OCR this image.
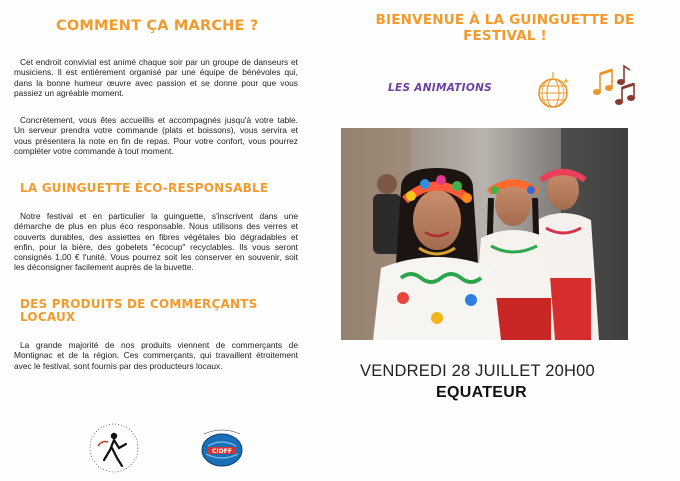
COMMENT ÇA MARCHE ?

Cet endroit convivial est animé chaque soir par un groupe de danseurs et musiciens. Il est entièrement organisé par une équipe de bénévoles qui, dans la bonne humeur œuvre avec passion et se donne pour que vous passiez un agréable moment.

Concrètement, vous êtes accueillis et accompagnés jusqu'à votre table. Un serveur prendra votre commande (plats et boissons), vous servira et vous présentera la note en fin de repas. Pour votre confort, vous pourrez compléter votre commande à tout moment.

LA GUINGUETTE ÉCO-RESPONSABLE

Notre festival et en particulier la guinguette, s'inscrivent dans une démarche de plus en plus éco responsable. Nous utilisons des verres et couverts durables, des assiettes en fibres végétales bio dégradables et enfin, pour la bière, des gobelets "écocup" recyclables. Ils vous seront consignés 1,00 € l'unité. Vous pourrez soit les conserver en souvenir, soit les déconsigner facilement auprès de la buvette.

DES PRODUITS DE COMMERÇANTS LOCAUX

La grande majorité de nos produits viennent de commerçants de Montignac et de la région. Ces commerçants, qui travaillent étroitement avec le festival, sont fournis par des producteurs locaux.

CIOFF
BIENVENUE À LA GUINGUETTE DE FESTIVAL !
LES ANIMATIONS
VENDREDI 28 JUILLET 20H00
EQUATEUR
